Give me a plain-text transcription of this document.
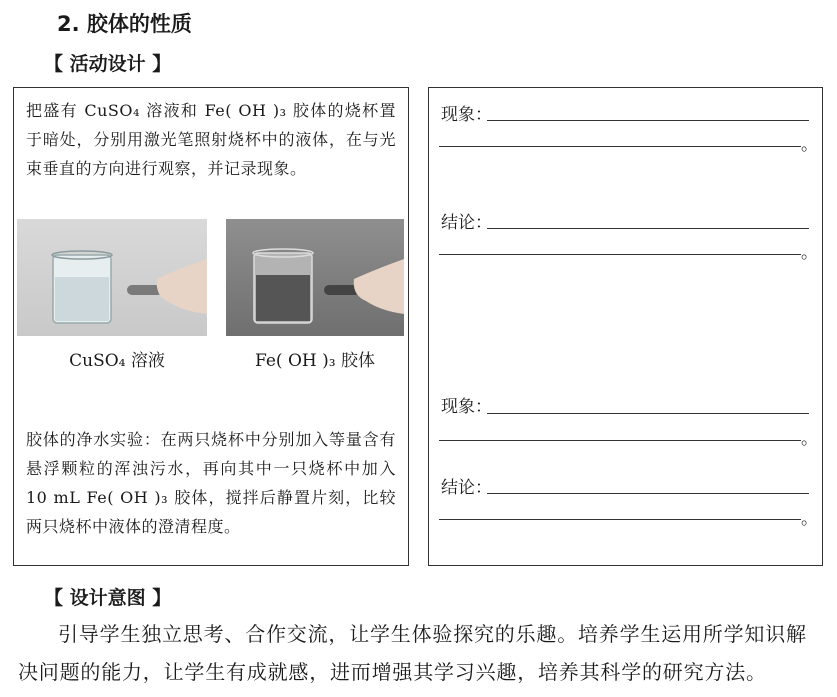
2. 胶体的性质
【 活动设计 】
把盛有 CuSO₄ 溶液和 Fe( OH )₃ 胶体的烧杯置于暗处，分别用激光笔照射烧杯中的液体，在与光束垂直的方向进行观察，并记录现象。
CuSO₄ 溶液	Fe( OH )₃ 胶体
胶体的净水实验：在两只烧杯中分别加入等量含有悬浮颗粒的浑浊污水，再向其中一只烧杯中加入 10 mL Fe( OH )₃ 胶体，搅拌后静置片刻，比较两只烧杯中液体的澄清程度。
现象：
。
结论：
。
现象：
。
结论：
。
【 设计意图 】
引导学生独立思考、合作交流，让学生体验探究的乐趣。培养学生运用所学知识解决问题的能力，让学生有成就感，进而增强其学习兴趣，培养其科学的研究方法。
